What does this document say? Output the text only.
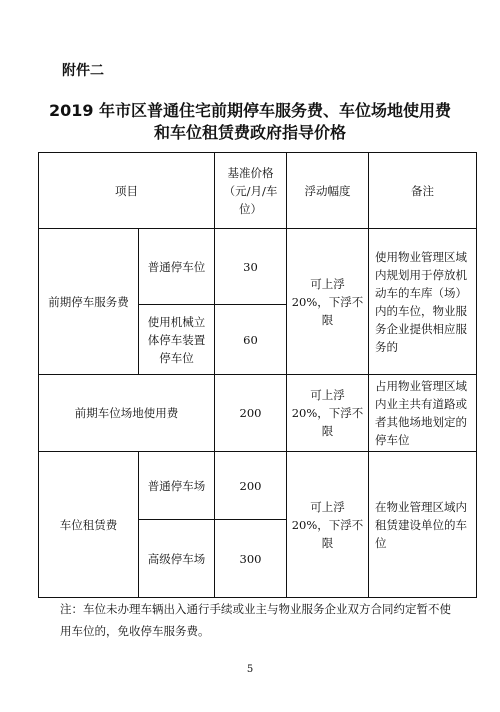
附件二
2019 年市区普通住宅前期停车服务费、车位场地使用费
和车位租赁费政府指导价格
项目		基准价格（元/月/车位）	浮动幅度	备注
前期停车服务费	普通停车位	30	可上浮 20%，下浮不限	使用物业管理区域内规划用于停放机动车的车库（场）内的车位，物业服务企业提供相应服务的
	使用机械立体停车装置停车位	60		
前期车位场地使用费		200	可上浮 20%，下浮不限	占用物业管理区域内业主共有道路或者其他场地划定的停车位
车位租赁费	普通停车场	200	可上浮 20%，下浮不限	在物业管理区域内租赁建设单位的车位
	高级停车场	300		
注：车位未办理车辆出入通行手续或业主与物业服务企业双方合同约定暂不使用车位的，免收停车服务费。
5
